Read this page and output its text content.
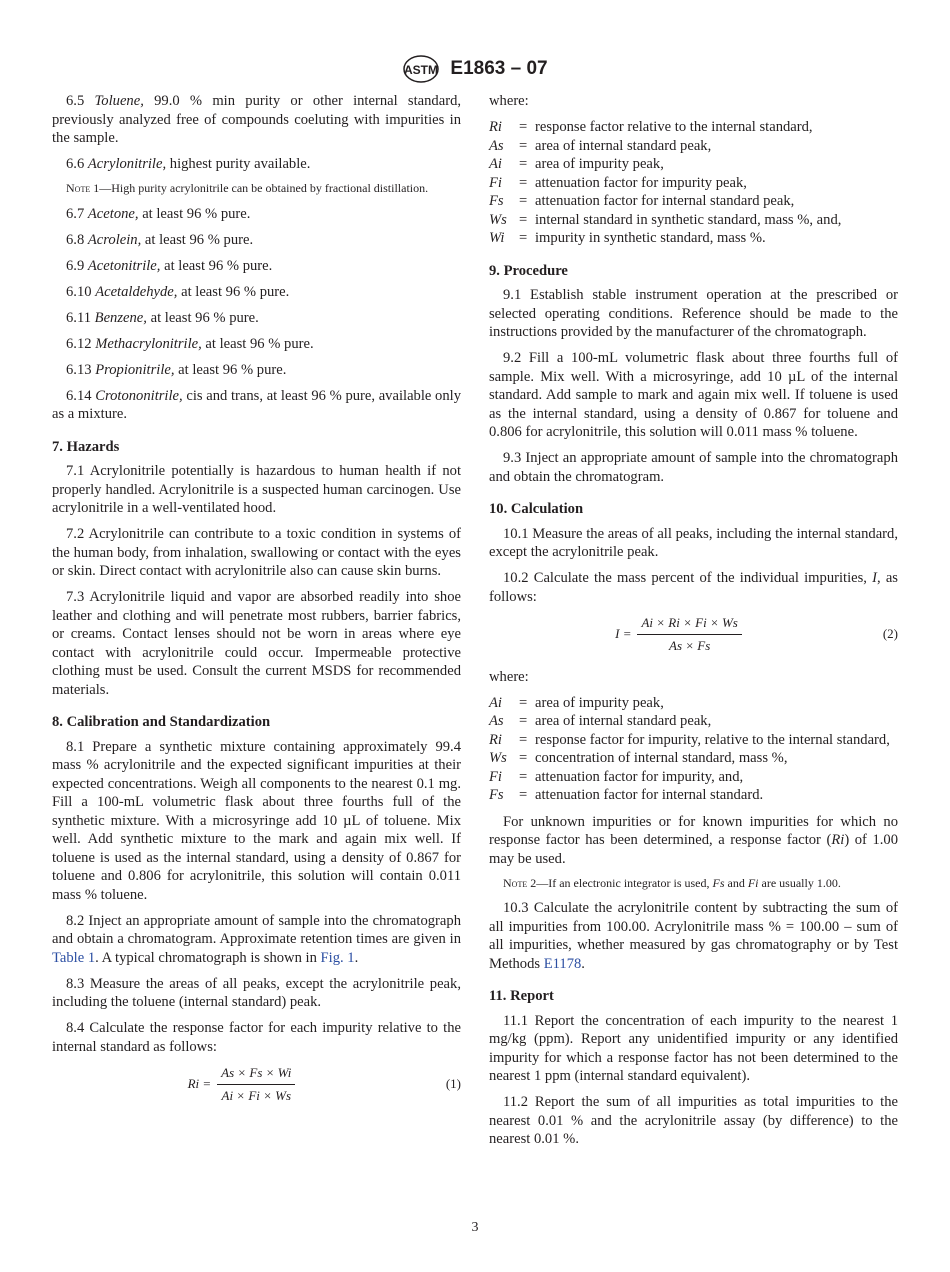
ASTM E1863 – 07

6.5 Toluene, 99.0 % min purity or other internal standard, previously analyzed free of compounds coeluting with impurities in the sample.

6.6 Acrylonitrile, highest purity available.

Note 1—High purity acrylonitrile can be obtained by fractional distillation.

6.7 Acetone, at least 96 % pure.

6.8 Acrolein, at least 96 % pure.

6.9 Acetonitrile, at least 96 % pure.

6.10 Acetaldehyde, at least 96 % pure.

6.11 Benzene, at least 96 % pure.

6.12 Methacrylonitrile, at least 96 % pure.

6.13 Propionitrile, at least 96 % pure.

6.14 Crotononitrile, cis and trans, at least 96 % pure, available only as a mixture.

7. Hazards

7.1 Acrylonitrile potentially is hazardous to human health if not properly handled. Acrylonitrile is a suspected human carcinogen. Use acrylonitrile in a well-ventilated hood.

7.2 Acrylonitrile can contribute to a toxic condition in systems of the human body, from inhalation, swallowing or contact with the eyes or skin. Direct contact with acrylonitrile also can cause skin burns.

7.3 Acrylonitrile liquid and vapor are absorbed readily into shoe leather and clothing and will penetrate most rubbers, barrier fabrics, or creams. Contact lenses should not be worn in areas where eye contact with acrylonitrile could occur. Impermeable protective clothing must be used. Consult the current MSDS for recommended materials.

8. Calibration and Standardization

8.1 Prepare a synthetic mixture containing approximately 99.4 mass % acrylonitrile and the expected significant impurities at their expected concentrations. Weigh all components to the nearest 0.1 mg. Fill a 100-mL volumetric flask about three fourths full of the synthetic mixture. With a microsyringe add 10 µL of toluene. Mix well. Add synthetic mixture to the mark and again mix well. If toluene is used as the internal standard, using a density of 0.867 for toluene and 0.806 for acrylonitrile, this solution will contain 0.011 mass % toluene.

8.2 Inject an appropriate amount of sample into the chromatograph and obtain a chromatogram. Approximate retention times are given in Table 1. A typical chromatograph is shown in Fig. 1.

8.3 Measure the areas of all peaks, except the acrylonitrile peak, including the toluene (internal standard) peak.

8.4 Calculate the response factor for each impurity relative to the internal standard as follows:

$Ri = \frac{As \times Fs \times Wi}{Ai \times Fi \times Ws}$	(1)

where:

Ri	= response factor relative to the internal standard,
As	= area of internal standard peak,
Ai	= area of impurity peak,
Fi	= attenuation factor for impurity peak,
Fs	= attenuation factor for internal standard peak,
Ws = internal standard in synthetic standard, mass %, and,
Wi = impurity in synthetic standard, mass %.
9. Procedure

9.1 Establish stable instrument operation at the prescribed or selected operating conditions. Reference should be made to the instructions provided by the manufacturer of the chromatograph.

9.2 Fill a 100-mL volumetric flask about three fourths full of sample. Mix well. With a microsyringe, add 10 µL of the internal standard. Add sample to mark and again mix well. If toluene is used as the internal standard, using a density of 0.867 for toluene and 0.806 for acrylonitrile, this solution will 0.011 mass % toluene.

9.3 Inject an appropriate amount of sample into the chromatograph and obtain the chromatogram.

10. Calculation

10.1 Measure the areas of all peaks, including the internal standard, except the acrylonitrile peak.

10.2 Calculate the mass percent of the individual impurities, I, as follows:

$I = \frac{Ai \times Ri \times Fi \times Ws}{As \times Fs}$	(2)

where:

Ai	= area of impurity peak,
As	= area of internal standard peak,
Ri	= response factor for impurity, relative to the internal standard,
Ws = concentration of internal standard, mass %,
Fi	= attenuation factor for impurity, and,
Fs	= attenuation factor for internal standard.

For unknown impurities or for known impurities for which no response factor has been determined, a response factor (Ri) of 1.00 may be used.

Note 2—If an electronic integrator is used, Fs and Fi are usually 1.00.

10.3 Calculate the acrylonitrile content by subtracting the sum of all impurities from 100.00. Acrylonitrile mass % = 100.00 – sum of all impurities, whether measured by gas chromatography or by Test Methods E1178.

11. Report

11.1 Report the concentration of each impurity to the nearest 1 mg/kg (ppm). Report any unidentified impurity or any identified impurity for which a response factor has not been determined to the nearest 1 ppm (internal standard equivalent).

11.2 Report the sum of all impurities as total impurities to the nearest 0.01 % and the acrylonitrile assay (by difference) to the nearest 0.01 %.

3
